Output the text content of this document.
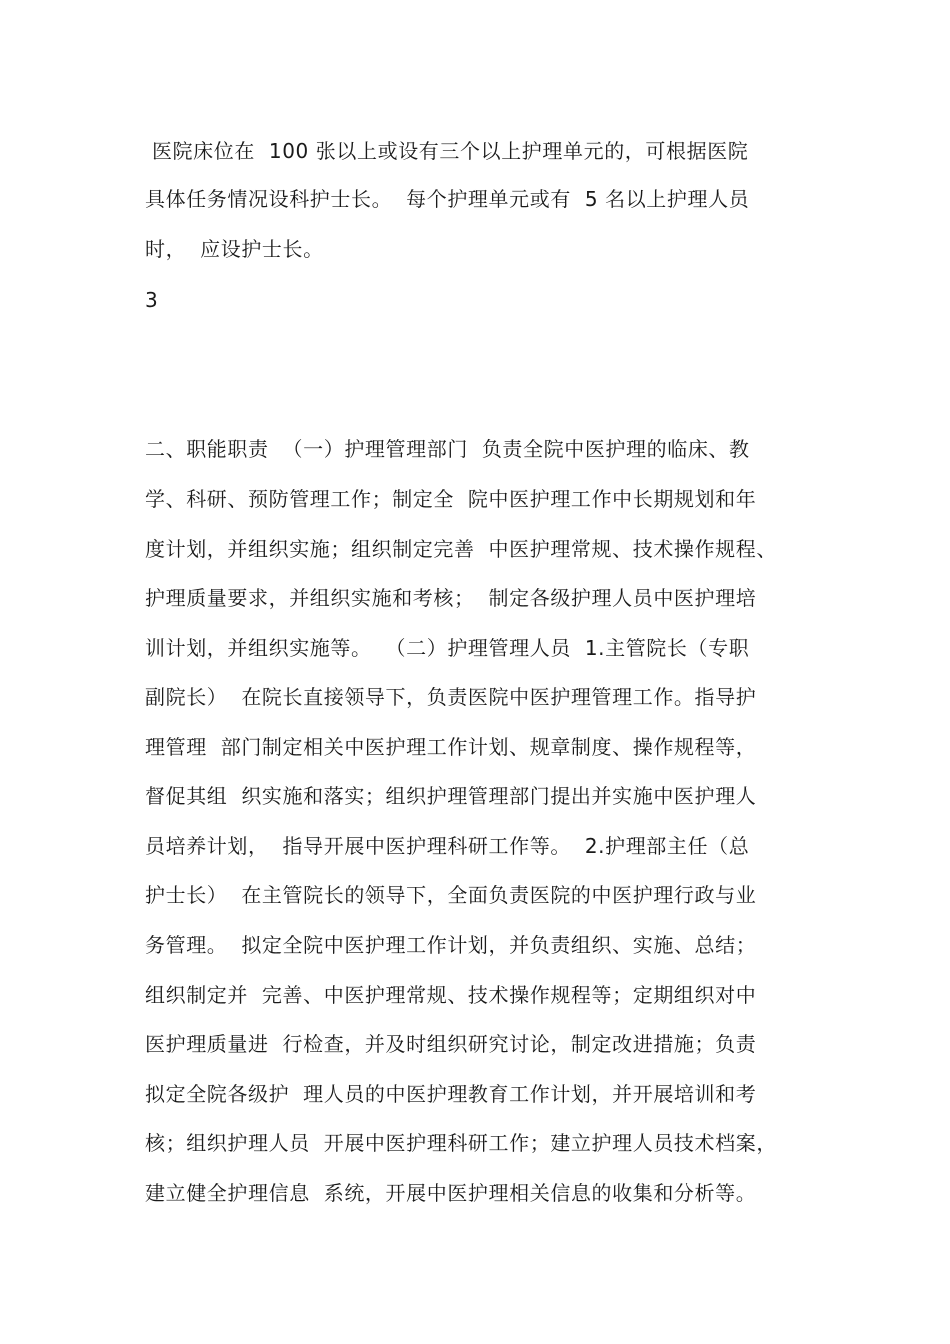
医院床位在  100 张以上或设有三个以上护理单元的，可根据医院
具体任务情况设科护士长。  每个护理单元或有  5 名以上护理人员
时，  应设护士长。
3
二、职能职责  （一）护理管理部门  负责全院中医护理的临床、教
学、科研、预防管理工作；制定全  院中医护理工作中长期规划和年
度计划，并组织实施；组织制定完善  中医护理常规、技术操作规程、
护理质量要求，并组织实施和考核；  制定各级护理人员中医护理培
训计划，并组织实施等。  （二）护理管理人员  1.主管院长（专职
副院长）  在院长直接领导下，负责医院中医护理管理工作。指导护
理管理  部门制定相关中医护理工作计划、规章制度、操作规程等，
督促其组  织实施和落实；组织护理管理部门提出并实施中医护理人
员培养计划，  指导开展中医护理科研工作等。  2.护理部主任（总
护士长）  在主管院长的领导下，全面负责医院的中医护理行政与业
务管理。  拟定全院中医护理工作计划，并负责组织、实施、总结；
组织制定并  完善、中医护理常规、技术操作规程等；定期组织对中
医护理质量进  行检查，并及时组织研究讨论，制定改进措施；负责
拟定全院各级护  理人员的中医护理教育工作计划，并开展培训和考
核；组织护理人员  开展中医护理科研工作；建立护理人员技术档案，
建立健全护理信息  系统，开展中医护理相关信息的收集和分析等。
